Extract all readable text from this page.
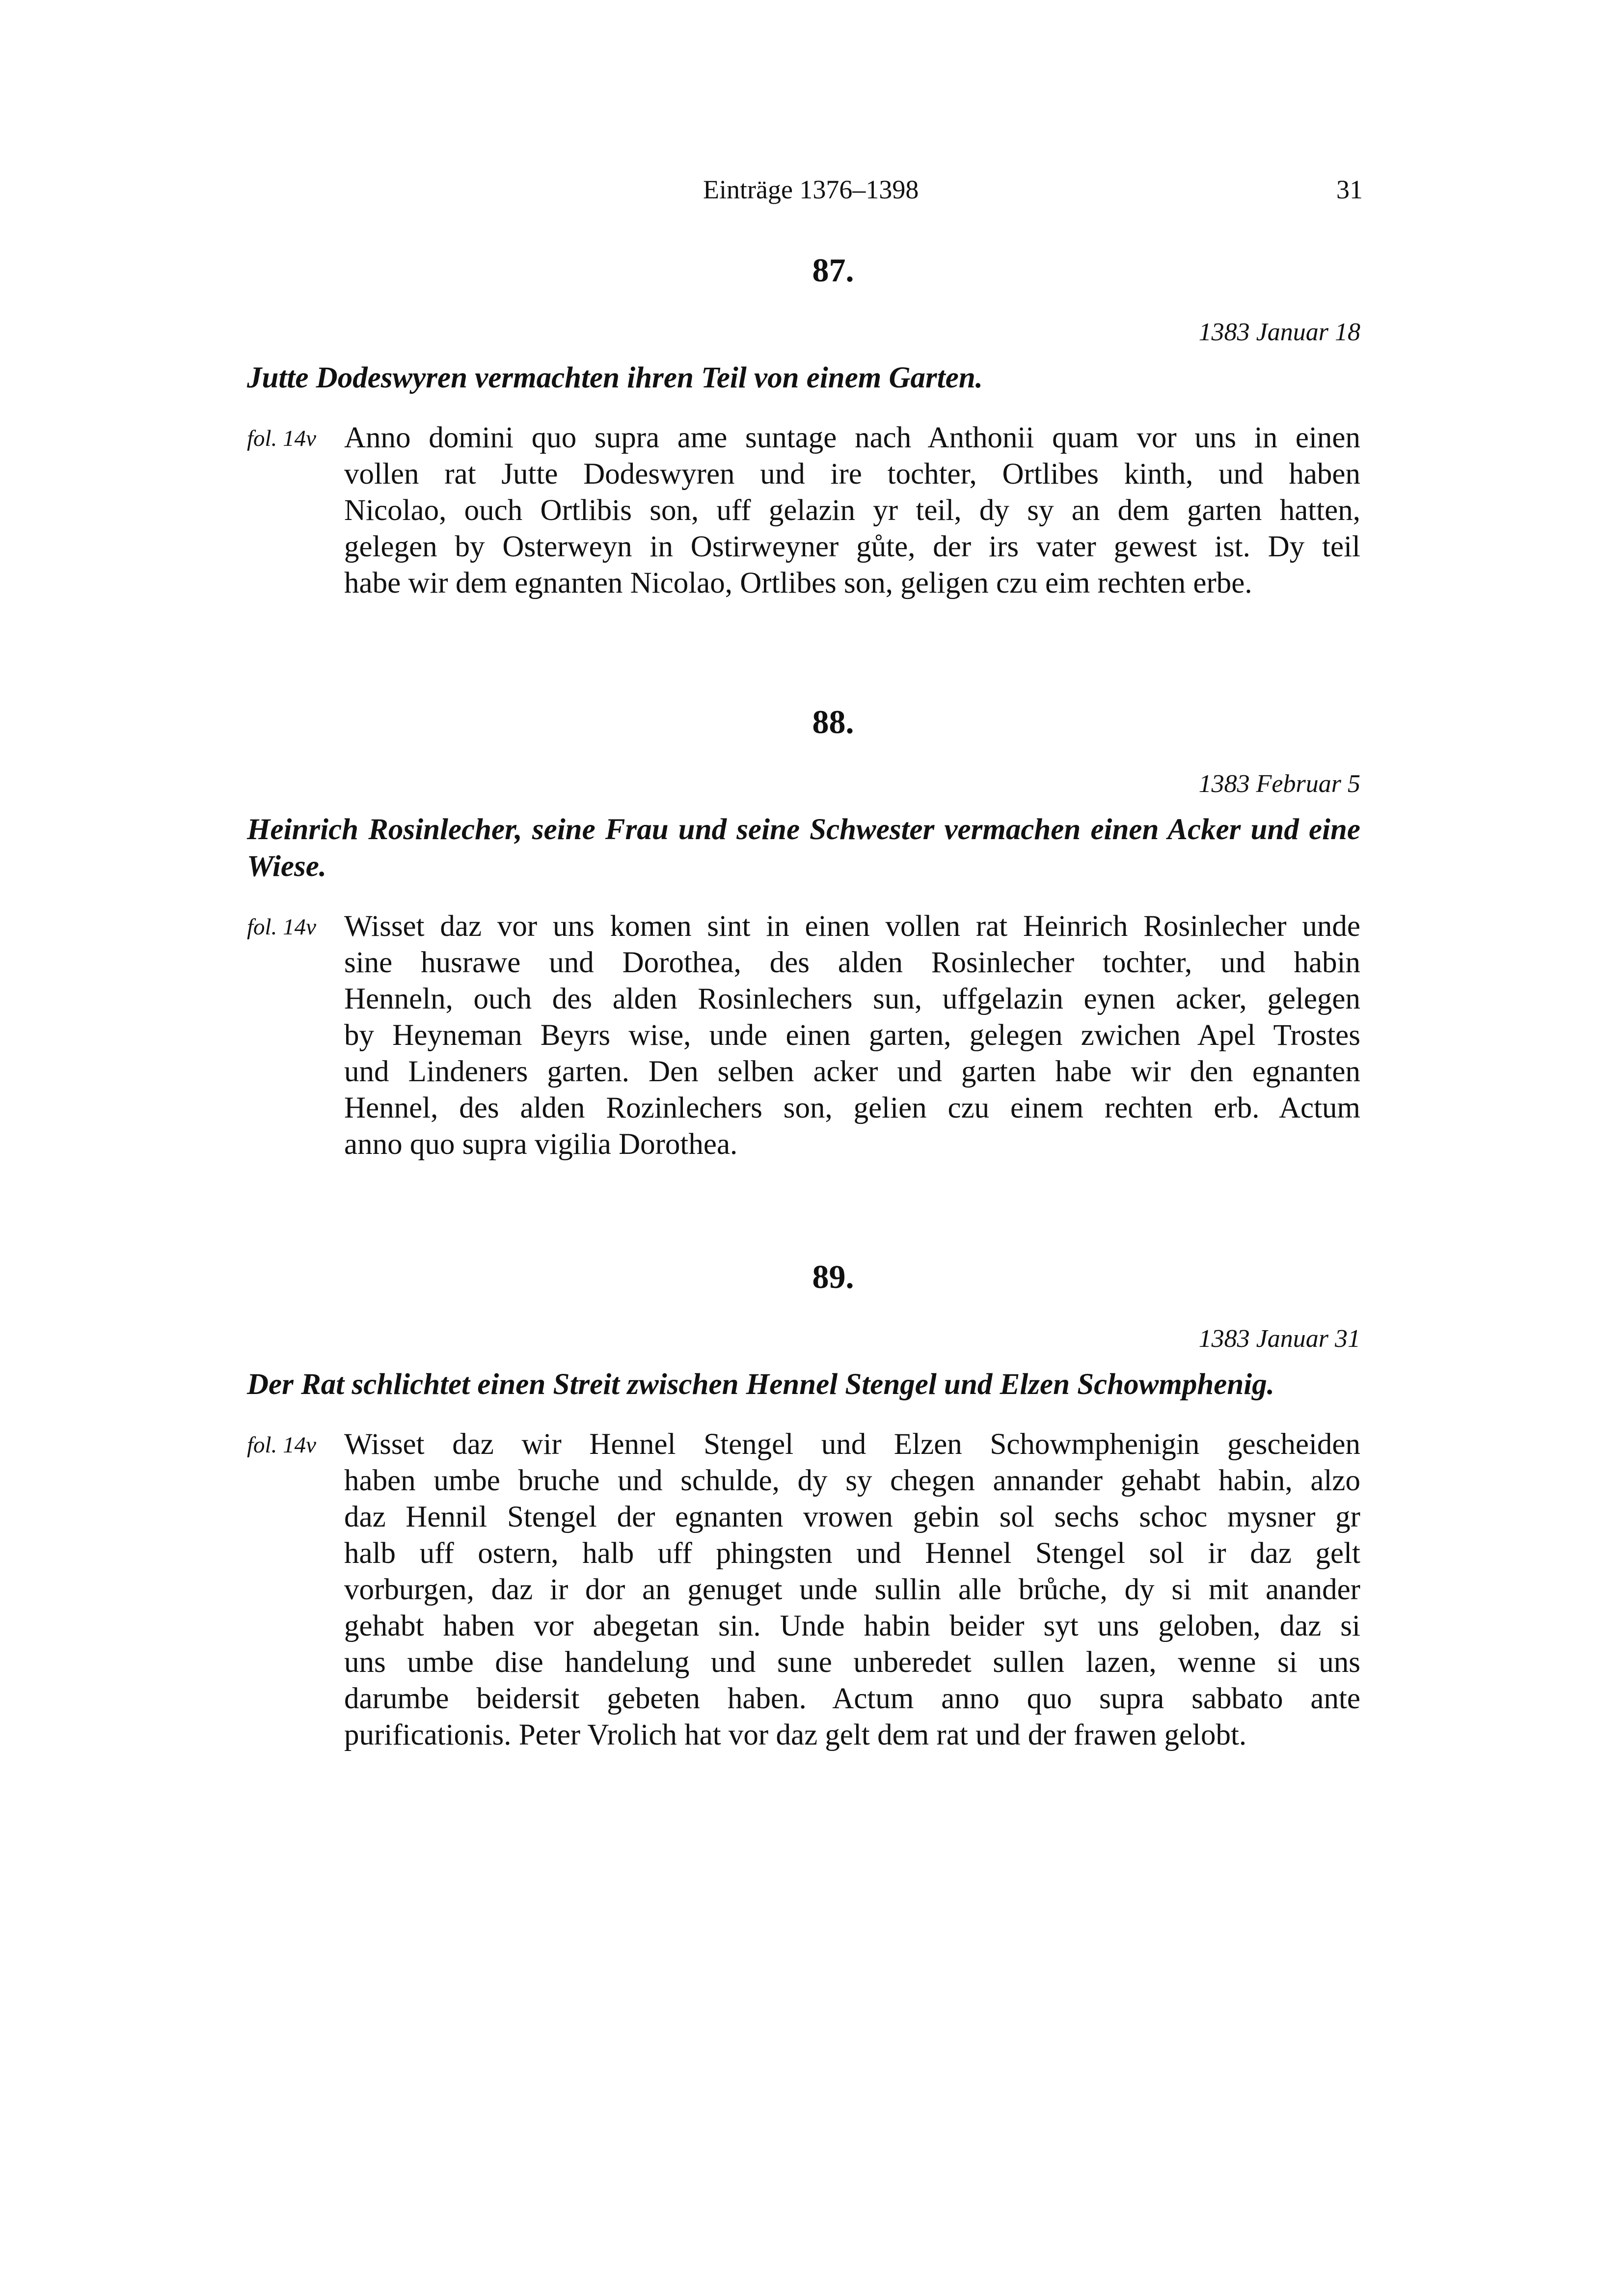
Einträge 1376–1398	31
87.
1383 Januar 18
Jutte Dodeswyren vermachten ihren Teil von einem Garten.
fol. 14v Anno domini quo supra ame suntage nach Anthonii quam vor uns in einen
vollen rat Jutte Dodeswyren und ire tochter, Ortlibes kinth, und haben
Nicolao, ouch Ortlibis son, uff gelazin yr teil, dy sy an dem garten hatten,
gelegen by Osterweyn in Ostirweyner gůte, der irs vater gewest ist. Dy teil
habe wir dem egnanten Nicolao, Ortlibes son, geligen czu eim rechten erbe.
88.
1383 Februar 5
Heinrich Rosinlecher, seine Frau und seine Schwester vermachen einen Acker und eine Wiese.
fol. 14v Wisset daz vor uns komen sint in einen vollen rat Heinrich Rosinlecher unde
sine husrawe und Dorothea, des alden Rosinlecher tochter, und habin
Henneln, ouch des alden Rosinlechers sun, uffgelazin eynen acker, gelegen
by Heyneman Beyrs wise, unde einen garten, gelegen zwichen Apel Trostes
und Lindeners garten. Den selben acker und garten habe wir den egnanten
Hennel, des alden Rozinlechers son, gelien czu einem rechten erb. Actum
anno quo supra vigilia Dorothea.
89.
1383 Januar 31
Der Rat schlichtet einen Streit zwischen Hennel Stengel und Elzen Schowmphenig.
fol. 14v Wisset daz wir Hennel Stengel und Elzen Schowmphenigin gescheiden
haben umbe bruche und schulde, dy sy chegen annander gehabt habin, alzo
daz Hennil Stengel der egnanten vrowen gebin sol sechs schoc mysner gr
halb uff ostern, halb uff phingsten und Hennel Stengel sol ir daz gelt
vorburgen, daz ir dor an genuget unde sullin alle brůche, dy si mit anander
gehabt haben vor abegetan sin. Unde habin beider syt uns geloben, daz si
uns umbe dise handelung und sune unberedet sullen lazen, wenne si uns
darumbe beidersit gebeten haben. Actum anno quo supra sabbato ante
purificationis. Peter Vrolich hat vor daz gelt dem rat und der frawen gelobt.
